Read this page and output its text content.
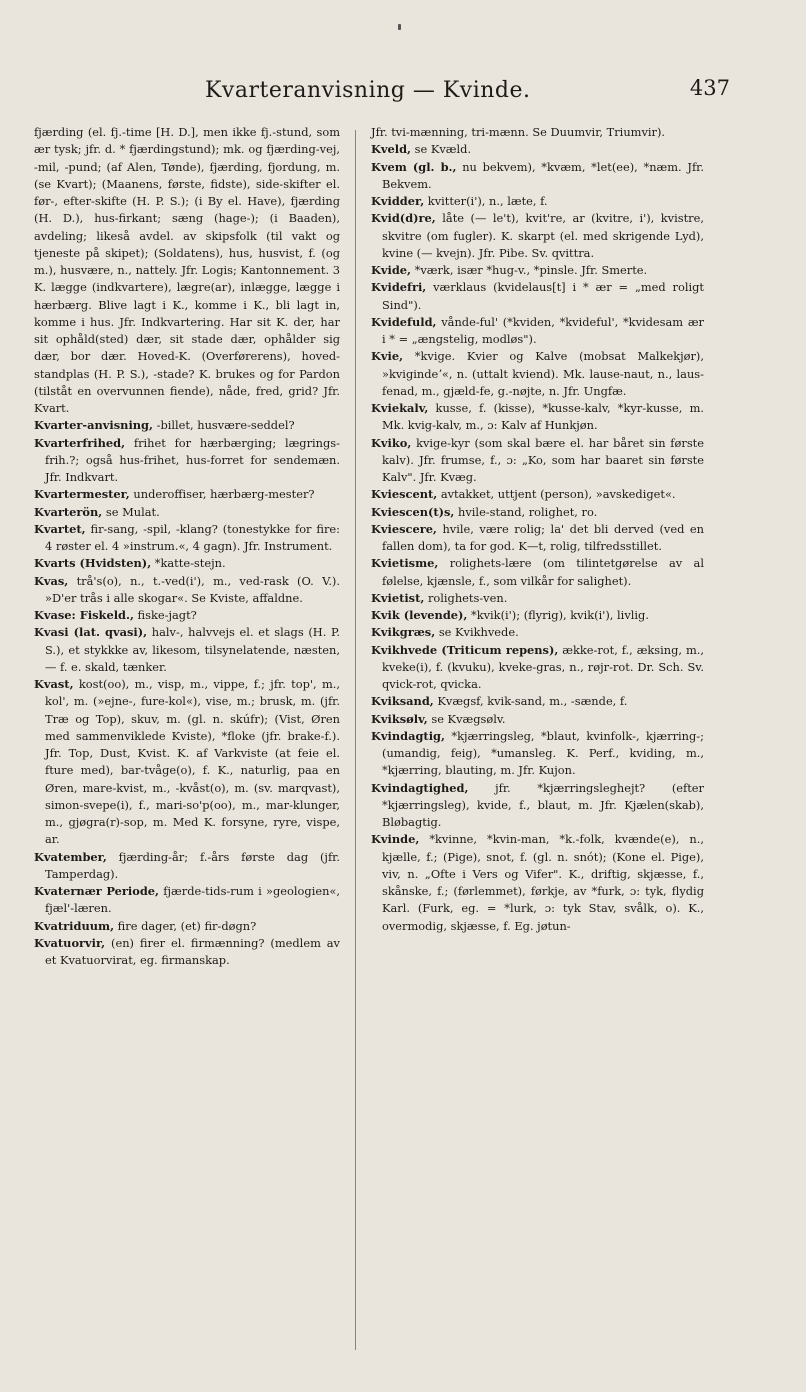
Kvarteranvisning — Kvinde.	437

fjærding (el. fj.-time [H. D.], men ikke fj.-stund, som ær tysk; jfr. d. * fjærdingstund); mk. og fjærding-vej, -mil, -pund; (af Alen, Tønde), fjærding, fjordung, m. (se Kvart); (Maanens, første, fidste), side-skifter el. før-, efter-skifte (H. P. S.); (i By el. Have), fjærding (H. D.), hus-firkant; sæng (hage-); (i Baaden), avdeling; likeså avdel. av skipsfolk (til vakt og tjeneste på skipet); (Soldatens), hus, husvist, f. (og m.), husvære, n., nattely. Jfr. Logis; Kantonnement. 3 K. lægge (indkvartere), lægre(ar), inlægge, lægge i hærbærg. Blive lagt i K., komme i K., bli lagt in, komme i hus. Jfr. Indkvartering. Har sit K. der, har sit ophåld(sted) dær, sit stade dær, ophålder sig dær, bor dær. Hoved-K. (Overførerens), hoved-standplas (H. P. S.), -stade? K. brukes og for Pardon (tilståt en overvunnen fiende), nåde, fred, grid? Jfr. Kvart.

Kvarter-anvisning, -billet, husvære-seddel?

Kvarterfrihed, frihet for hærbærging; lægrings-frih.?; også hus-frihet, hus-forret for sendemæn. Jfr. Indkvart.

Kvartermester, underoffiser, hærbærg-mester?

Kvarterön, se Mulat.

Kvartet, fir-sang, -spil, -klang? (tonestykke for fire: 4 røster el. 4 »instrum.«, 4 gagn). Jfr. Instrument.

Kvarts (Hvidsten), *katte-stejn.

Kvas, trå's(o), n., t.-ved(i'), m., ved-rask (O. V.). »D'er trås i alle skogar«. Se Kviste, affaldne.

Kvase: Fiskeld., fiske-jagt?

Kvasi (lat. qvasi), halv-, halvvejs el. et slags (H. P. S.), et stykkke av, likesom, tilsynelatende, næsten, — f. e. skald, tænker.

Kvast, kost(oo), m., visp, m., vippe, f.; jfr. top', m., kol', m. (»ejne-, fure-kol«), vise, m.; brusk, m. (jfr. Træ og Top), skuv, m. (gl. n. skúfr); (Vist, Øren med sammenviklede Kviste), *floke (jfr. brake-f.). Jfr. Top, Dust, Kvist. K. af Varkviste (at feie el. fture med), bar-tvåge(o), f. K., naturlig, paa en Øren, mare-kvist, m., -kvåst(o), m. (sv. marqvast), simon-svepe(i), f., mari-so'p(oo), m., mar-klunger, m., gjøgra(r)-sop, m. Med K. forsyne, ryre, vispe, ar.

Kvatember, fjærding-år; f.-års første dag (jfr. Tamperdag).

Kvaternær Periode, fjærde-tids-rum i »geologien«, fjæl'-læren.

Kvatriduum, fire dager, (et) fir-døgn?

Kvatuorvir, (en) firer el. firmænning? (medlem av et Kvatuorvirat, eg. firmanskap.

Jfr. tvi-mænning, tri-mænn. Se Duumvir, Triumvir).

Kveld, se Kvæld.

Kvem (gl. b., nu bekvem), *kvæm, *let(ee), *næm. Jfr. Bekvem.

Kvidder, kvitter(i'), n., læte, f.

Kvid(d)re, låte (— le't), kvit're, ar (kvitre, i'), kvistre, skvitre (om fugler). K. skarpt (el. med skrigende Lyd), kvine (— kvejn). Jfr. Pibe. Sv. qvittra.

Kvide, *værk, især *hug-v., *pinsle. Jfr. Smerte.

Kvidefri, værklaus (kvidelaus[t] i * ær = „med roligt Sind").

Kvidefuld, vånde-ful' (*kviden, *kvideful', *kvidesam ær i * = „ængstelig, modløs").

Kvie, *kvige. Kvier og Kalve (mobsat Malkekjør), »kvigindeʼ«, n. (uttalt kviend). Mk. lause-naut, n., laus-fenad, m., gjæld-fe, g.-nøjte, n. Jfr. Ungfæ.

Kviekalv, kusse, f. (kisse), *kusse-kalv, *kyr-kusse, m. Mk. kvig-kalv, m., ɔ: Kalv af Hunkjøn.

Kviko, kvige-kyr (som skal bære el. har båret sin første kalv). Jfr. frumse, f., ɔ: „Ko, som har baaret sin første Kalv". Jfr. Kvæg.

Kviescent, avtakket, uttjent (person), »avskediget«.

Kviescen(t)s, hvile-stand, rolighet, ro.

Kviescere, hvile, være rolig; la' det bli derved (ved en fallen dom), ta for god. K—t, rolig, tilfredsstillet.

Kvietisme, rolighets-lære (om tilintetgørelse av al følelse, kjænsle, f., som vilkår for salighet).

Kvietist, rolighets-ven.

Kvik (levende), *kvik(i'); (flyrig), kvik(i'), livlig.

Kvikgræs, se Kvikhvede.

Kvikhvede (Triticum repens), ække-rot, f., æksing, m., kveke(i), f. (kvuku), kveke-gras, n., røjr-rot. Dr. Sch. Sv. qvick-rot, qvicka.

Kviksand, Kvægsf, kvik-sand, m., -sænde, f.

Kviksølv, se Kvægsølv.

Kvindagtig, *kjærringsleg, *blaut, kvinfolk-, kjærring-; (umandig, feig), *umansleg. K. Perf., kviding, m., *kjærring, blauting, m. Jfr. Kujon.

Kvindagtighed, jfr. *kjærringsleghejt? (efter *kjærringsleg), kvide, f., blaut, m. Jfr. Kjælen(skab), Bløbagtig.

Kvinde, *kvinne, *kvin-man, *k.-folk, kvænde(e), n., kjælle, f.; (Pige), snot, f. (gl. n. snót); (Kone el. Pige), viv, n. „Ofte i Vers og Vifer". K., driftig, skjæsse, f., skånske, f.; (førlemmet), førkje, av *furk, ɔ: tyk, flydig Karl. (Furk, eg. = *lurk, ɔ: tyk Stav, svålk, o). K., overmodig, skjæsse, f. Eg. jøtun-
